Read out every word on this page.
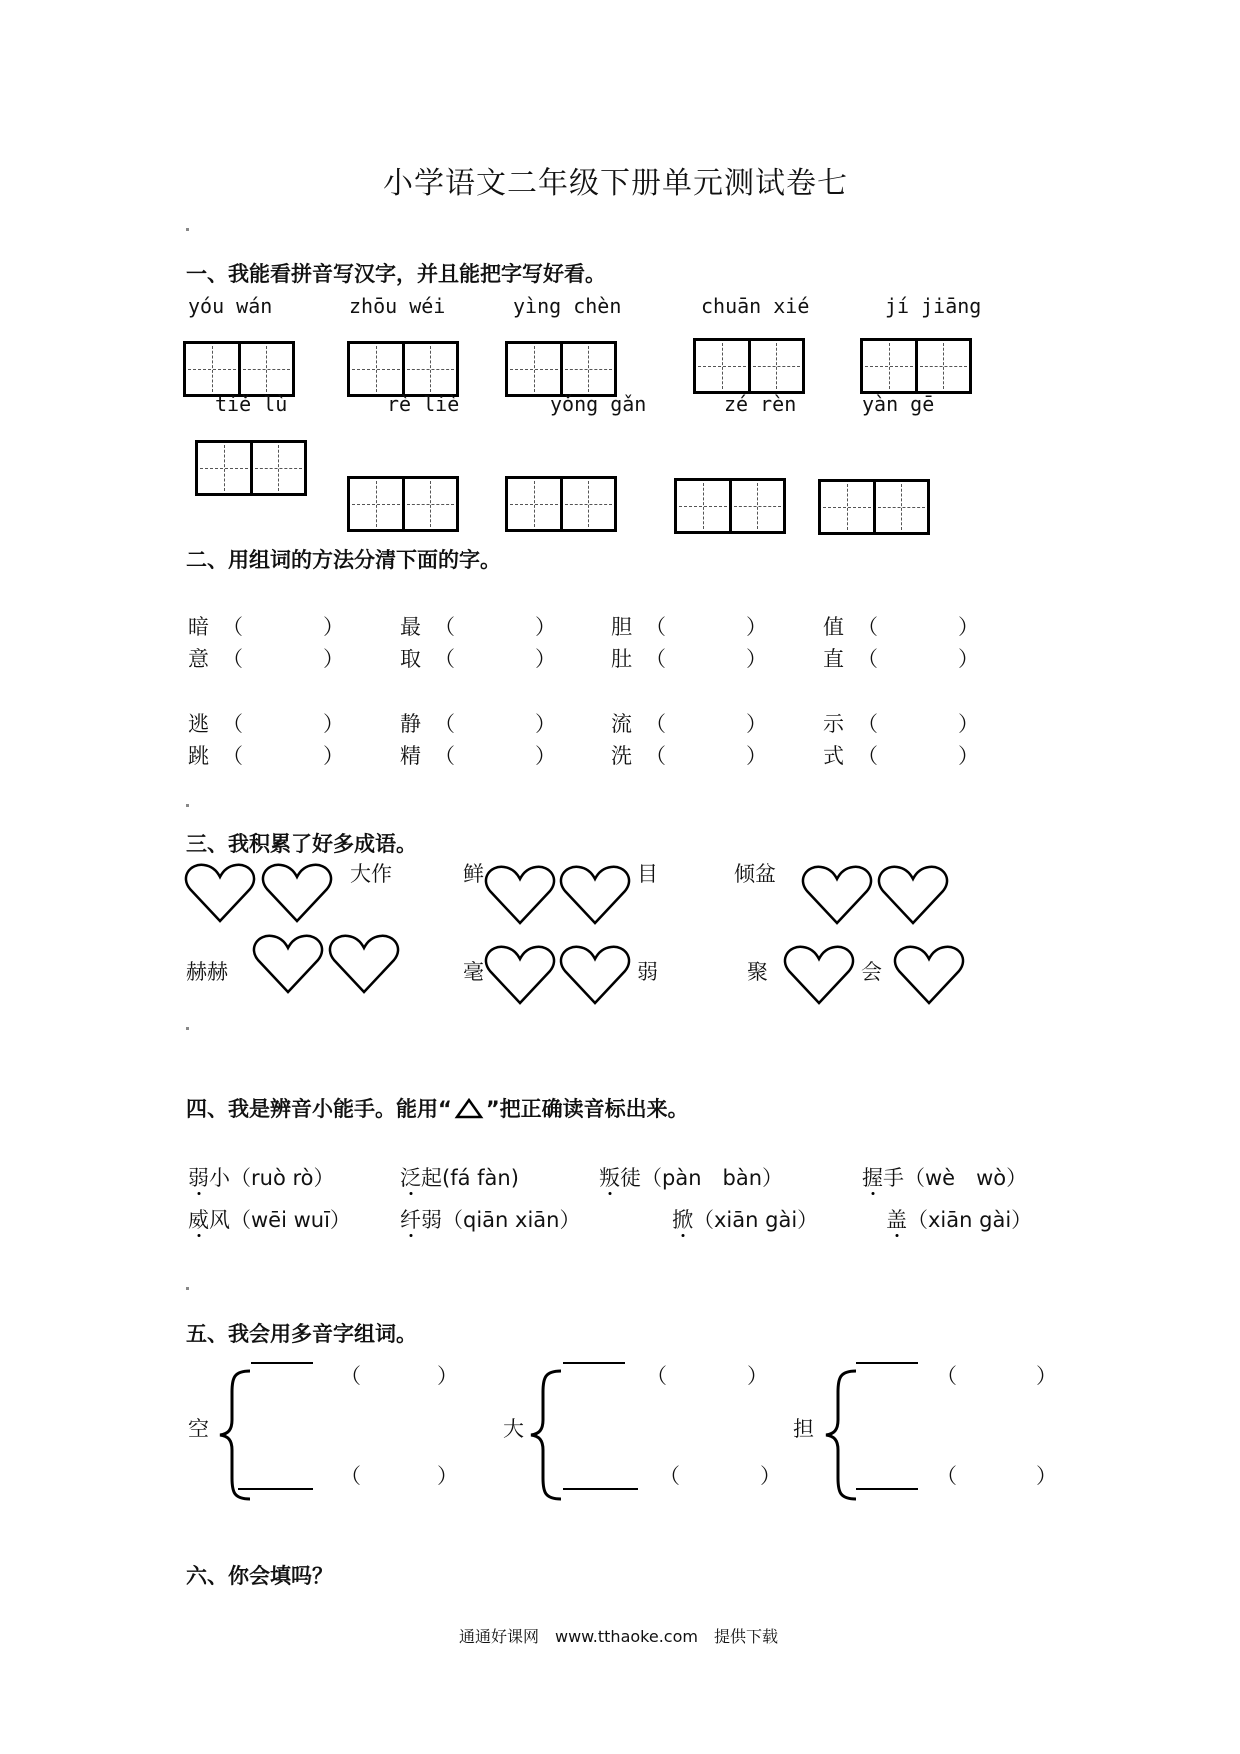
小学语文二年级下册单元测试卷七
一、我能看拼音写汉字，并且能把字写好看。
yóu wán	zhōu wéi	yìng chèn	chuān xié	jí jiāng
tiě lù	rè liè	yǒng gǎn	zé rèn	yàn gē
二、用组词的方法分清下面的字。
暗 （	）	最 （	）	胆 （	）	值 （	）
意 （	）	取 （	）	肚 （	）	直 （	）
逃 （	）	静 （	）	流 （	）	示 （	）
跳 （	）	精 （	）	洗 （	）	式 （	）
三、我积累了好多成语。
大作	鲜	目	倾盆
赫赫	毫	弱	聚	会
四、我是辨音小能手。能用“ ”把正确读音标出来。
弱小（ruò rò）	泛起(fá fàn)	叛徒（pàn　bàn）	握手（wè　wò）
威风（wēi wuī） 纤弱（qiān xiān）	掀（xiān gài）	盖（xiān gài）
五、我会用多音字组词。
空
（	）
（	）
大
（	）
（	）
担
（	）
（	）
六、你会填吗？
通通好课网　www.tthaoke.com　提供下载
